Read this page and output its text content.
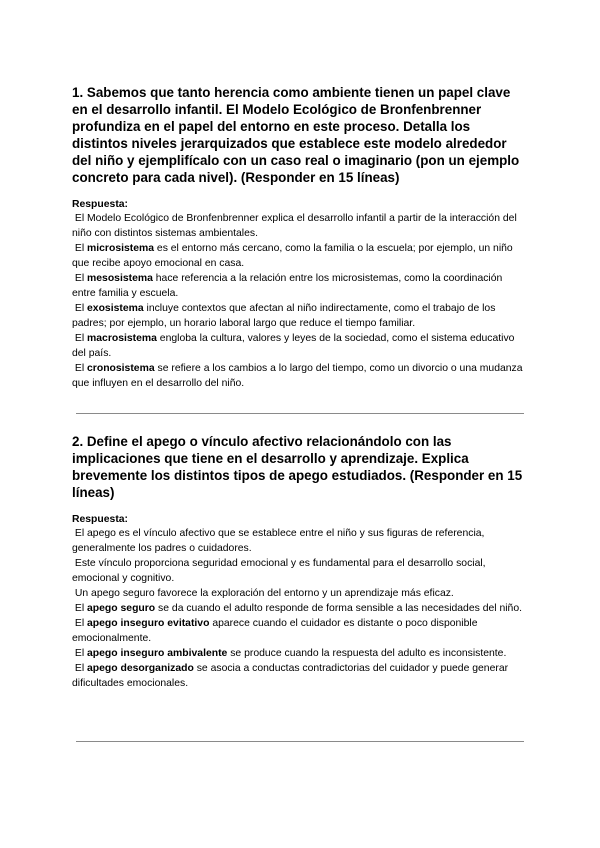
1. Sabemos que tanto herencia como ambiente tienen un papel clave en el desarrollo infantil. El Modelo Ecológico de Bronfenbrenner profundiza en el papel del entorno en este proceso. Detalla los distintos niveles jerarquizados que establece este modelo alrededor del niño y ejemplifícalo con un caso real o imaginario (pon un ejemplo concreto para cada nivel). (Responder en 15 líneas)

Respuesta:

El Modelo Ecológico de Bronfenbrenner explica el desarrollo infantil a partir de la interacción del niño con distintos sistemas ambientales.

El microsistema es el entorno más cercano, como la familia o la escuela; por ejemplo, un niño que recibe apoyo emocional en casa.

El mesosistema hace referencia a la relación entre los microsistemas, como la coordinación entre familia y escuela.

El exosistema incluye contextos que afectan al niño indirectamente, como el trabajo de los padres; por ejemplo, un horario laboral largo que reduce el tiempo familiar.

El macrosistema engloba la cultura, valores y leyes de la sociedad, como el sistema educativo del país.

El cronosistema se refiere a los cambios a lo largo del tiempo, como un divorcio o una mudanza que influyen en el desarrollo del niño.

2. Define el apego o vínculo afectivo relacionándolo con las implicaciones que tiene en el desarrollo y aprendizaje. Explica brevemente los distintos tipos de apego estudiados. (Responder en 15 líneas)

Respuesta:

El apego es el vínculo afectivo que se establece entre el niño y sus figuras de referencia, generalmente los padres o cuidadores.

Este vínculo proporciona seguridad emocional y es fundamental para el desarrollo social, emocional y cognitivo.

Un apego seguro favorece la exploración del entorno y un aprendizaje más eficaz.

El apego seguro se da cuando el adulto responde de forma sensible a las necesidades del niño.

El apego inseguro evitativo aparece cuando el cuidador es distante o poco disponible emocionalmente.

El apego inseguro ambivalente se produce cuando la respuesta del adulto es inconsistente.

El apego desorganizado se asocia a conductas contradictorias del cuidador y puede generar dificultades emocionales.
